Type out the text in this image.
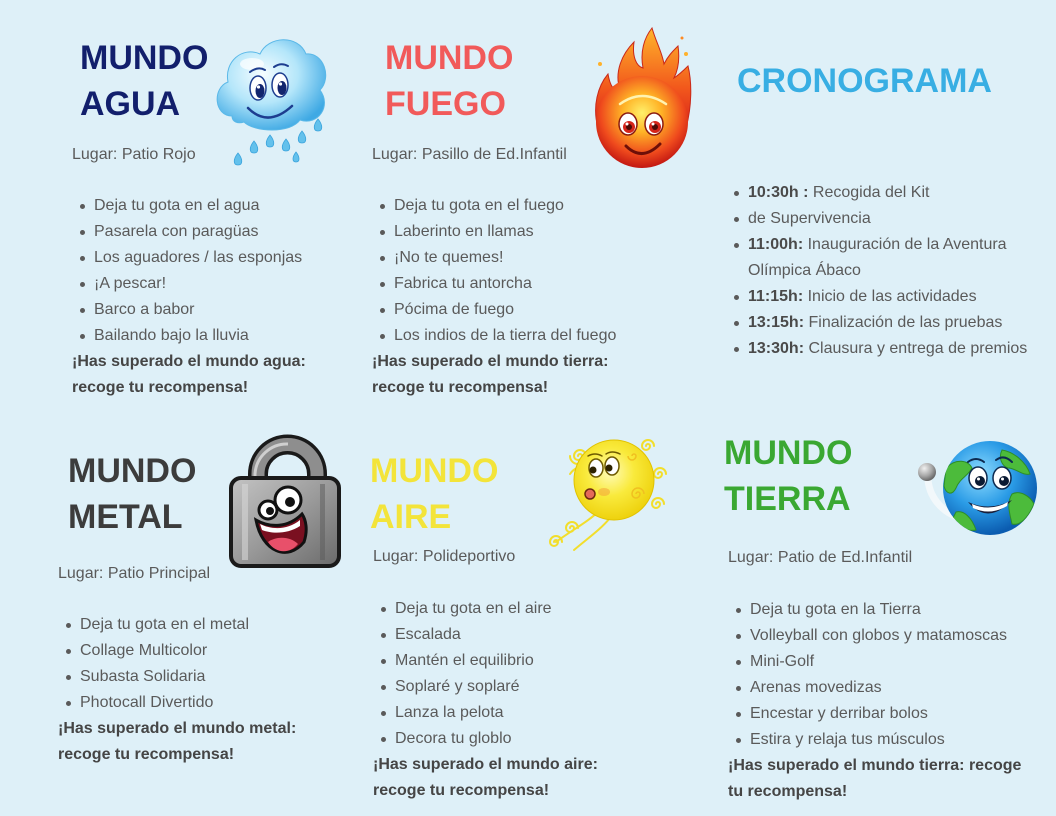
MUNDO
AGUA

Lugar: Patio Rojo

Deja tu gota en el agua
Pasarela con paragüas
Los aguadores / las esponjas
¡A pescar!
Barco a babor
Bailando bajo la lluvia

¡Has superado el mundo agua:
recoge tu recompensa!

MUNDO
FUEGO

Lugar: Pasillo de Ed.Infantil

Deja tu gota en el fuego
Laberinto en llamas
¡No te quemes!
Fabrica tu antorcha
Pócima de fuego
Los indios de la tierra del fuego

¡Has superado el mundo tierra:
recoge tu recompensa!

CRONOGRAMA
10:30h : Recogida del Kit
de Supervivencia
11:00h: Inauguración de la Aventura Olímpica Ábaco
11:15h: Inicio de las actividades
13:15h: Finalización de las pruebas
13:30h: Clausura y entrega de premios
MUNDO
METAL

Lugar: Patio Principal

Deja tu gota en el metal
Collage Multicolor
Subasta Solidaria
Photocall Divertido

¡Has superado el mundo metal:
recoge tu recompensa!

MUNDO
AIRE

Lugar: Polideportivo

Deja tu gota en el aire
Escalada
Mantén el equilibrio
Soplaré y soplaré
Lanza la pelota
Decora tu globlo

¡Has superado el mundo aire:
recoge tu recompensa!

MUNDO
TIERRA

Lugar: Patio de Ed.Infantil

Deja tu gota en la Tierra
Volleyball con globos y matamoscas
Mini-Golf
Arenas movedizas
Encestar y derribar bolos
Estira y relaja tus músculos

¡Has superado el mundo tierra: recoge
tu recompensa!
